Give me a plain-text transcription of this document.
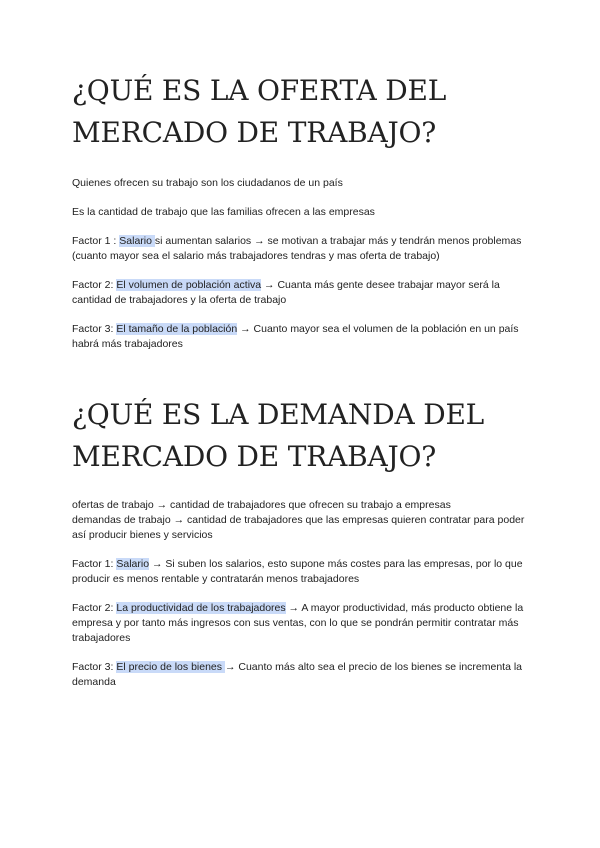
¿QUÉ ES LA OFERTA DEL MERCADO DE TRABAJO?

Quienes ofrecen su trabajo son los ciudadanos de un país

Es la cantidad de trabajo que las familias ofrecen a las empresas

Factor 1 : Salario si aumentan salarios → se motivan a trabajar más y tendrán menos problemas (cuanto mayor sea el salario más trabajadores tendras y mas oferta de trabajo)

Factor 2: El volumen de población activa → Cuanta más gente desee trabajar mayor será la cantidad de trabajadores y la oferta de trabajo

Factor 3: El tamaño de la población → Cuanto mayor sea el volumen de la población en un país habrá más trabajadores

¿QUÉ ES LA DEMANDA DEL MERCADO DE TRABAJO?

ofertas de trabajo → cantidad de trabajadores que ofrecen su trabajo a empresas

demandas de trabajo → cantidad de trabajadores que las empresas quieren contratar para poder así producir bienes y servicios

Factor 1: Salario → Si suben los salarios, esto supone más costes para las empresas, por lo que producir es menos rentable y contratarán menos trabajadores

Factor 2: La productividad de los trabajadores → A mayor productividad, más producto obtiene la empresa y por tanto más ingresos con sus ventas, con lo que se pondrán permitir contratar más trabajadores

Factor 3: El precio de los bienes → Cuanto más alto sea el precio de los bienes se incrementa la demanda
